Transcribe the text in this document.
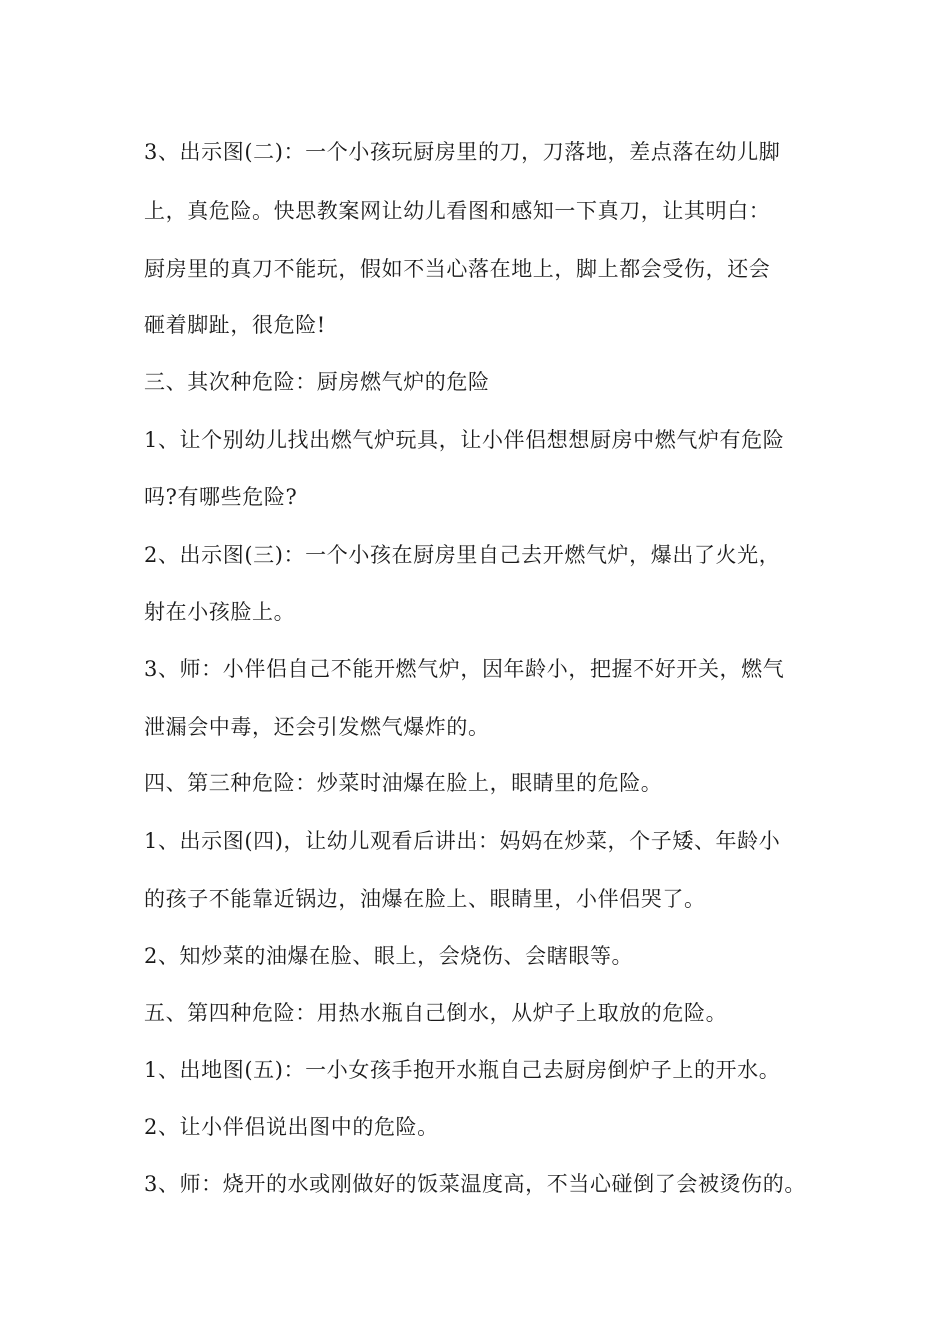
3、出示图(二)：一个小孩玩厨房里的刀，刀落地，差点落在幼儿脚
上，真危险。快思教案网让幼儿看图和感知一下真刀，让其明白：
厨房里的真刀不能玩，假如不当心落在地上，脚上都会受伤，还会
砸着脚趾，很危险!
三、其次种危险：厨房燃气炉的危险
1、让个别幼儿找出燃气炉玩具，让小伴侣想想厨房中燃气炉有危险
吗?有哪些危险?
2、出示图(三)：一个小孩在厨房里自己去开燃气炉，爆出了火光，
射在小孩脸上。
3、师：小伴侣自己不能开燃气炉，因年龄小，把握不好开关，燃气
泄漏会中毒，还会引发燃气爆炸的。
四、第三种危险：炒菜时油爆在脸上，眼睛里的危险。
1、出示图(四)，让幼儿观看后讲出：妈妈在炒菜，个子矮、年龄小
的孩子不能靠近锅边，油爆在脸上、眼睛里，小伴侣哭了。
2、知炒菜的油爆在脸、眼上，会烧伤、会瞎眼等。
五、第四种危险：用热水瓶自己倒水，从炉子上取放的危险。
1、出地图(五)：一小女孩手抱开水瓶自己去厨房倒炉子上的开水。
2、让小伴侣说出图中的危险。
3、师：烧开的水或刚做好的饭菜温度高，不当心碰倒了会被烫伤的。
